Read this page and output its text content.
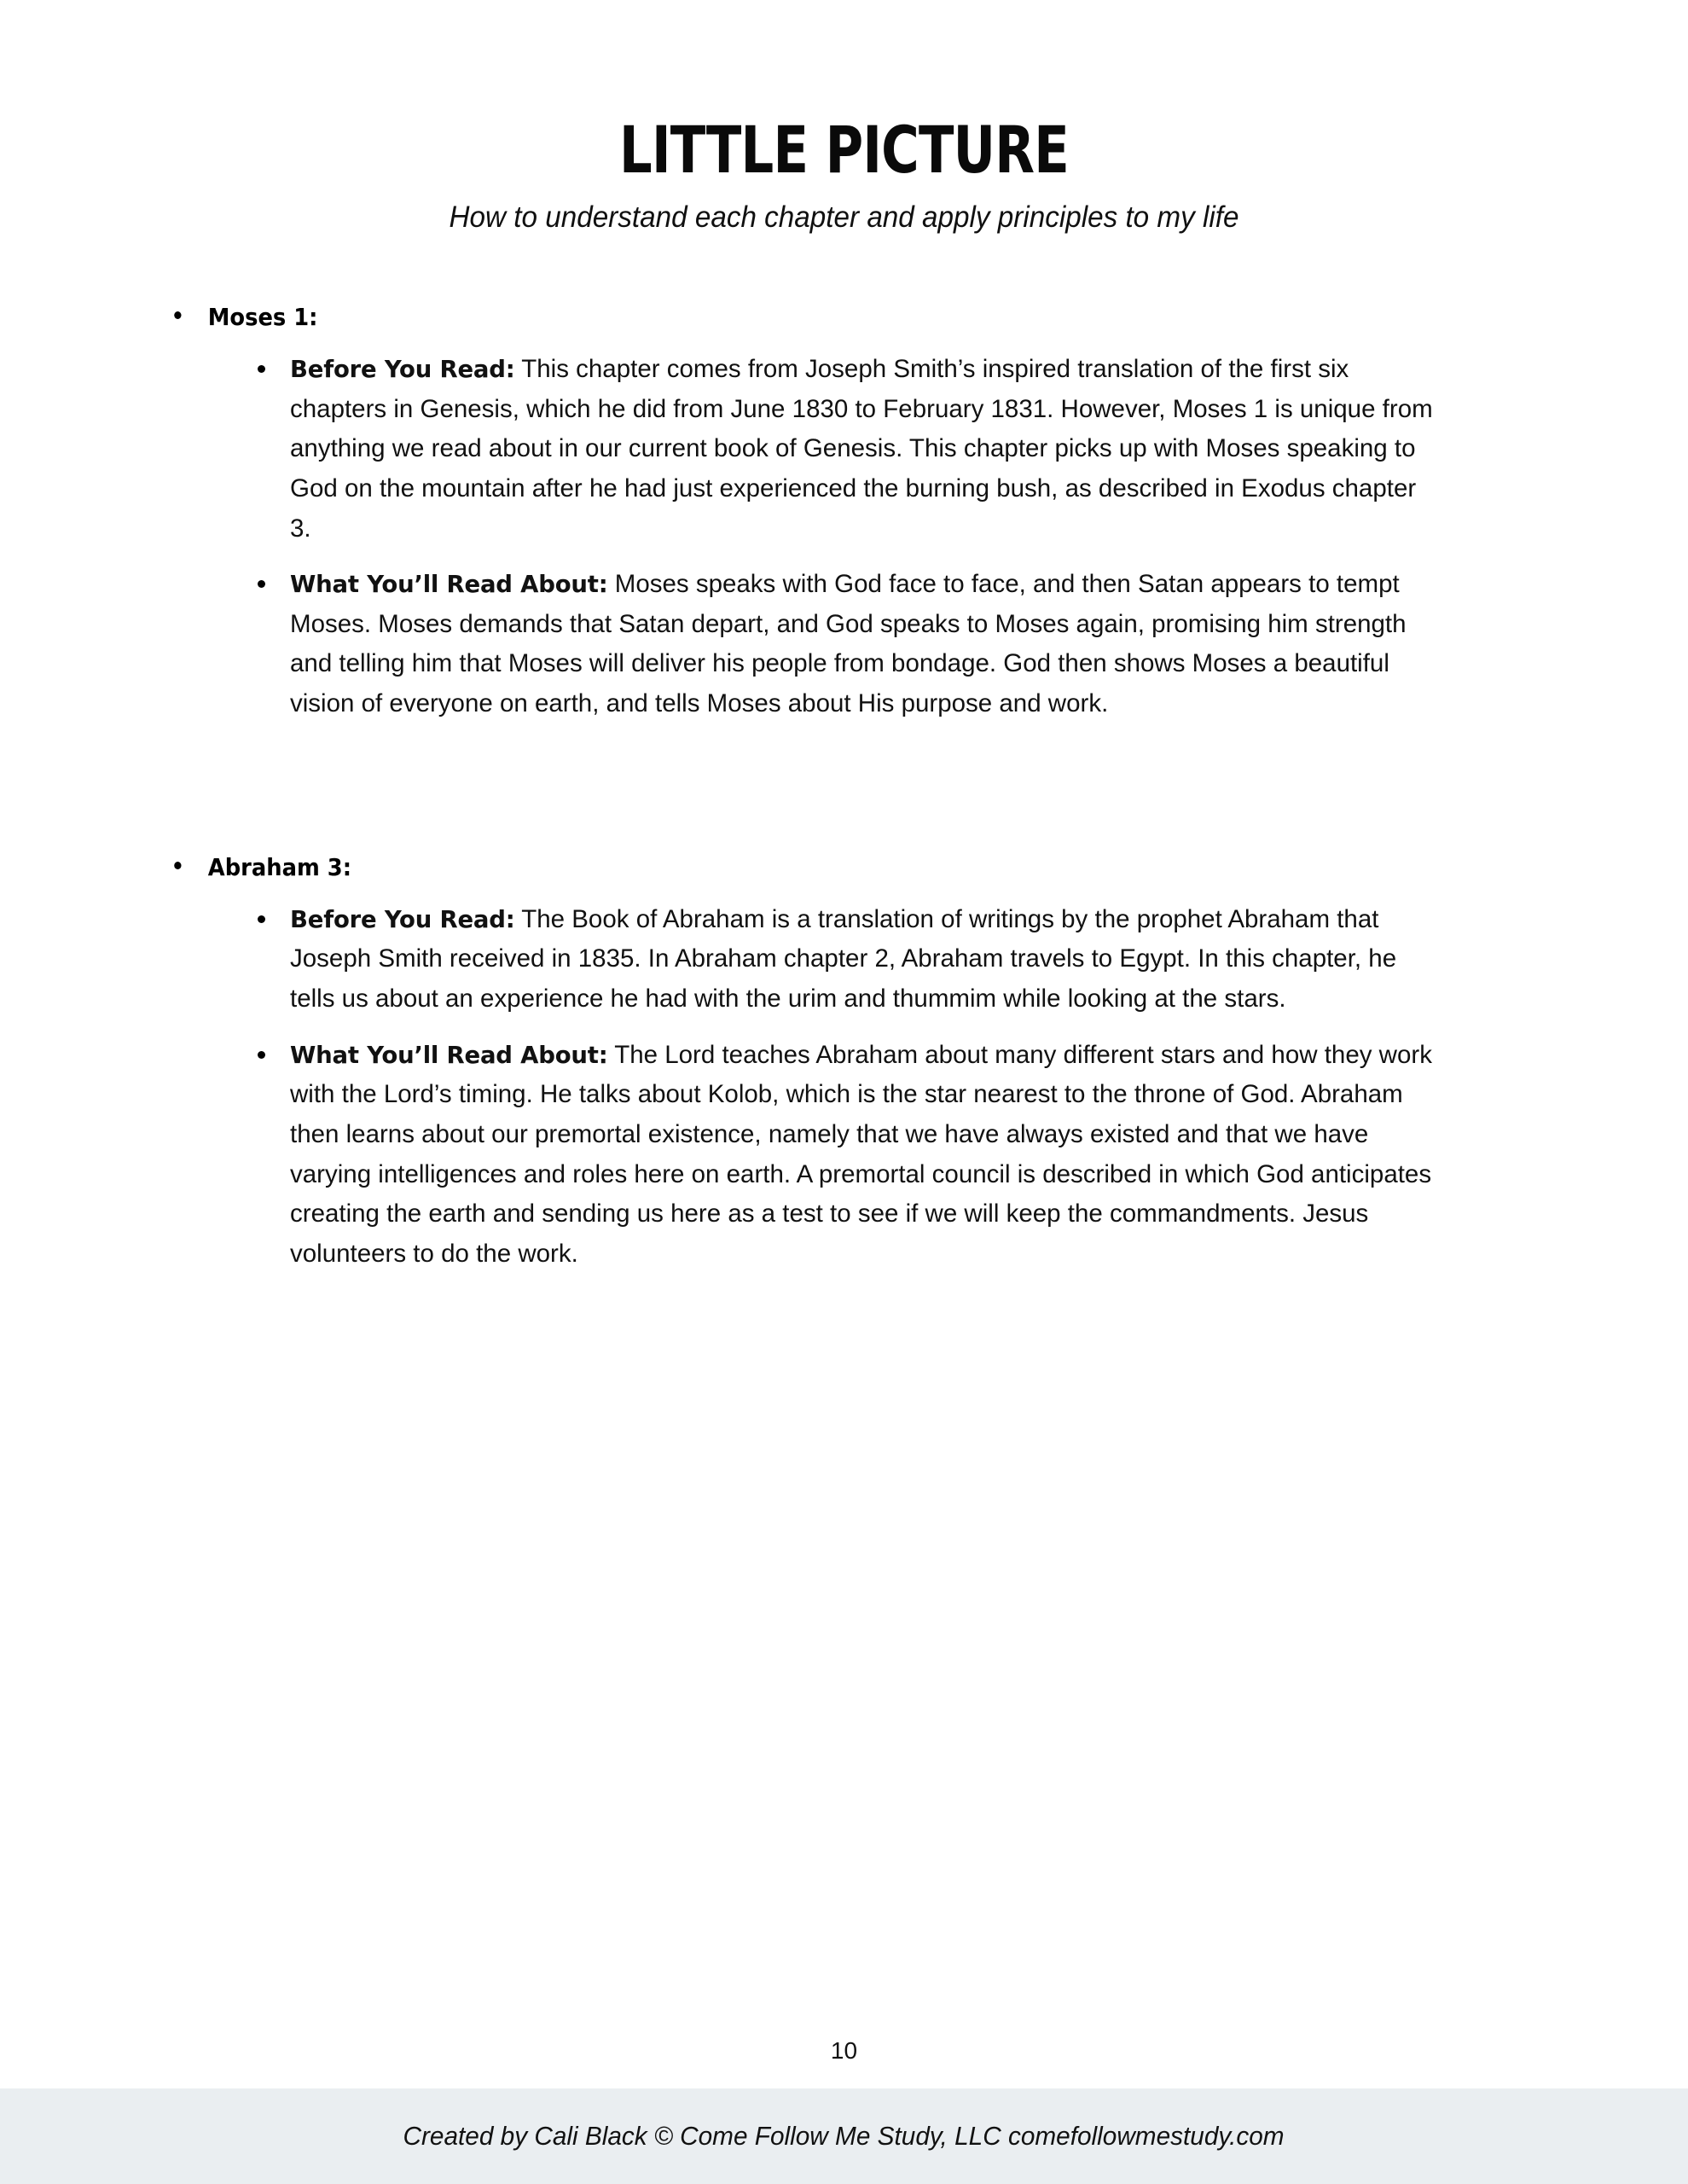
LITTLE PICTURE

How to understand each chapter and apply principles to my life

Moses 1:
Before You Read: This chapter comes from Joseph Smith’s inspired translation of the first six chapters in Genesis, which he did from June 1830 to February 1831. However, Moses 1 is unique from anything we read about in our current book of Genesis. This chapter picks up with Moses speaking to God on the mountain after he had just experienced the burning bush, as described in Exodus chapter 3.
What You’ll Read About: Moses speaks with God face to face, and then Satan appears to tempt Moses. Moses demands that Satan depart, and God speaks to Moses again, promising him strength and telling him that Moses will deliver his people from bondage. God then shows Moses a beautiful vision of everyone on earth, and tells Moses about His purpose and work.
Abraham 3:
Before You Read: The Book of Abraham is a translation of writings by the prophet Abraham that Joseph Smith received in 1835. In Abraham chapter 2, Abraham travels to Egypt. In this chapter, he tells us about an experience he had with the urim and thummim while looking at the stars.
What You’ll Read About: The Lord teaches Abraham about many different stars and how they work with the Lord’s timing. He talks about Kolob, which is the star nearest to the throne of God. Abraham then learns about our premortal existence, namely that we have always existed and that we have varying intelligences and roles here on earth. A premortal council is described in which God anticipates creating the earth and sending us here as a test to see if we will keep the commandments. Jesus volunteers to do the work.
10
Created by Cali Black © Come Follow Me Study, LLC comefollowmestudy.com
